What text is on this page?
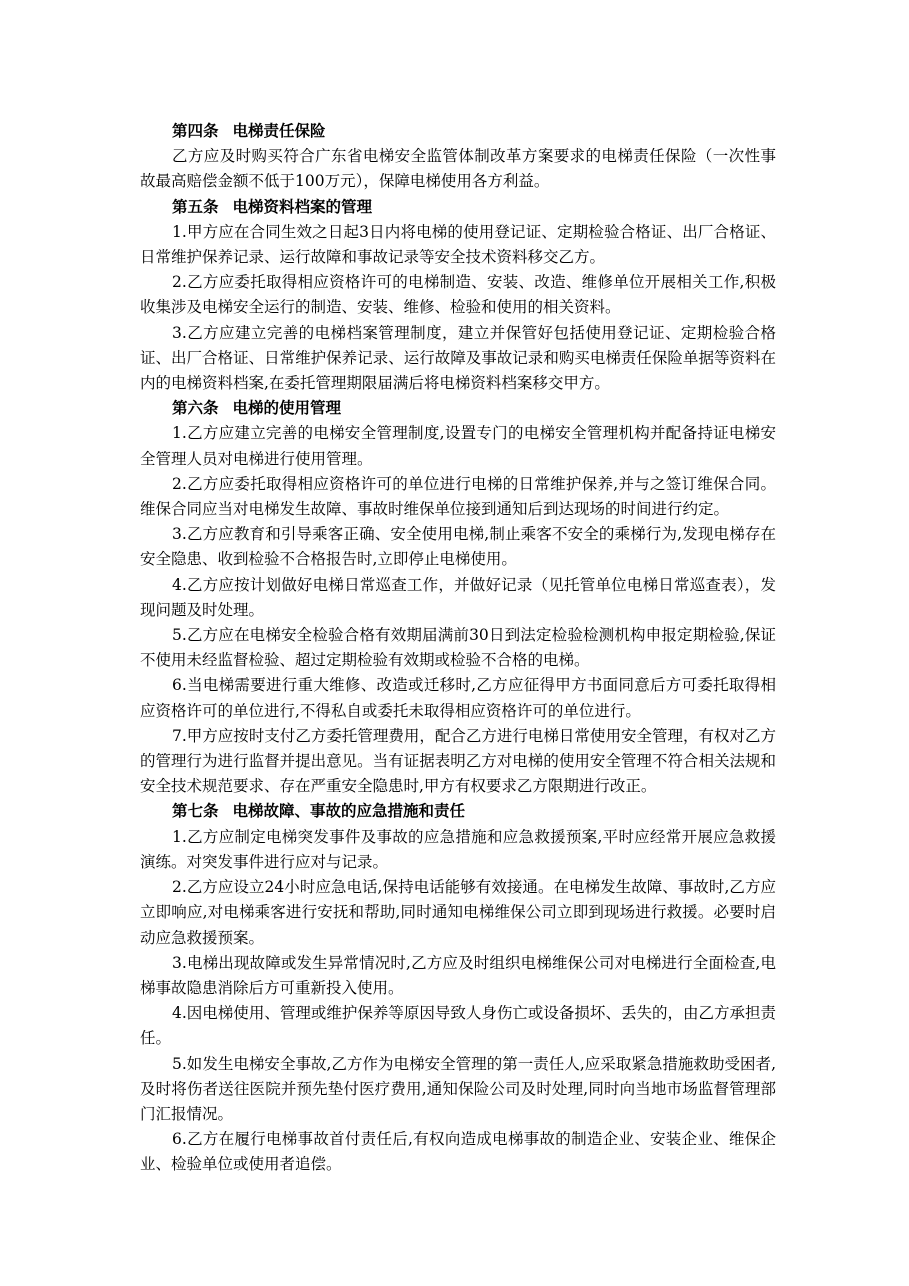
第四条 电梯责任保险

乙方应及时购买符合广东省电梯安全监管体制改革方案要求的电梯责任保险（一次性事故最高赔偿金额不低于100万元），保障电梯使用各方利益。

第五条 电梯资料档案的管理

1.甲方应在合同生效之日起3日内将电梯的使用登记证、定期检验合格证、出厂合格证、日常维护保养记录、运行故障和事故记录等安全技术资料移交乙方。

2.乙方应委托取得相应资格许可的电梯制造、安装、改造、维修单位开展相关工作,积极收集涉及电梯安全运行的制造、安装、维修、检验和使用的相关资料。

3.乙方应建立完善的电梯档案管理制度，建立并保管好包括使用登记证、定期检验合格证、出厂合格证、日常维护保养记录、运行故障及事故记录和购买电梯责任保险单据等资料在内的电梯资料档案,在委托管理期限届满后将电梯资料档案移交甲方。

第六条 电梯的使用管理

1.乙方应建立完善的电梯安全管理制度,设置专门的电梯安全管理机构并配备持证电梯安全管理人员对电梯进行使用管理。

2.乙方应委托取得相应资格许可的单位进行电梯的日常维护保养,并与之签订维保合同。维保合同应当对电梯发生故障、事故时维保单位接到通知后到达现场的时间进行约定。

3.乙方应教育和引导乘客正确、安全使用电梯,制止乘客不安全的乘梯行为,发现电梯存在安全隐患、收到检验不合格报告时,立即停止电梯使用。

4.乙方应按计划做好电梯日常巡查工作，并做好记录（见托管单位电梯日常巡查表），发现问题及时处理。

5.乙方应在电梯安全检验合格有效期届满前30日到法定检验检测机构申报定期检验,保证不使用未经监督检验、超过定期检验有效期或检验不合格的电梯。

6.当电梯需要进行重大维修、改造或迁移时,乙方应征得甲方书面同意后方可委托取得相应资格许可的单位进行,不得私自或委托未取得相应资格许可的单位进行。

7.甲方应按时支付乙方委托管理费用，配合乙方进行电梯日常使用安全管理，有权对乙方的管理行为进行监督并提出意见。当有证据表明乙方对电梯的使用安全管理不符合相关法规和安全技术规范要求、存在严重安全隐患时,甲方有权要求乙方限期进行改正。

第七条 电梯故障、事故的应急措施和责任

1.乙方应制定电梯突发事件及事故的应急措施和应急救援预案,平时应经常开展应急救援演练。对突发事件进行应对与记录。

2.乙方应设立24小时应急电话,保持电话能够有效接通。在电梯发生故障、事故时,乙方应立即响应,对电梯乘客进行安抚和帮助,同时通知电梯维保公司立即到现场进行救援。必要时启动应急救援预案。

3.电梯出现故障或发生异常情况时,乙方应及时组织电梯维保公司对电梯进行全面检查,电梯事故隐患消除后方可重新投入使用。

4.因电梯使用、管理或维护保养等原因导致人身伤亡或设备损坏、丢失的，由乙方承担责任。

5.如发生电梯安全事故,乙方作为电梯安全管理的第一责任人,应采取紧急措施救助受困者,及时将伤者送往医院并预先垫付医疗费用,通知保险公司及时处理,同时向当地市场监督管理部门汇报情况。

6.乙方在履行电梯事故首付责任后,有权向造成电梯事故的制造企业、安装企业、维保企业、检验单位或使用者追偿。
